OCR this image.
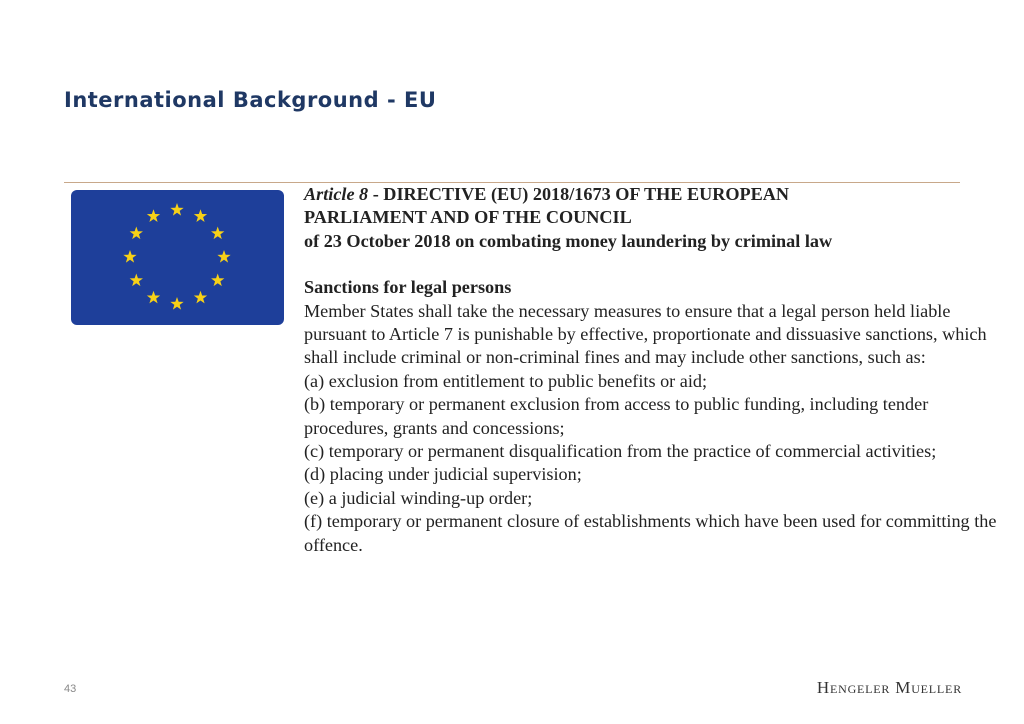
International Background - EU

Article 8 - DIRECTIVE (EU) 2018/1673 OF THE EUROPEAN

PARLIAMENT AND OF THE COUNCIL

of 23 October 2018 on combating money laundering by criminal law

Sanctions for legal persons

Member States shall take the necessary measures to ensure that a legal person held liable pursuant to Article 7 is punishable by effective, proportionate and dissuasive sanctions, which shall include criminal or non-criminal fines and may include other sanctions, such as:

(a) exclusion from entitlement to public benefits or aid;

(b) temporary or permanent exclusion from access to public funding, including tender procedures, grants and concessions;

(c) temporary or permanent disqualification from the practice of commercial activities;

(d) placing under judicial supervision;

(e) a judicial winding-up order;

(f) temporary or permanent closure of establishments which have been used for committing the offence.

43	Hengeler Mueller
